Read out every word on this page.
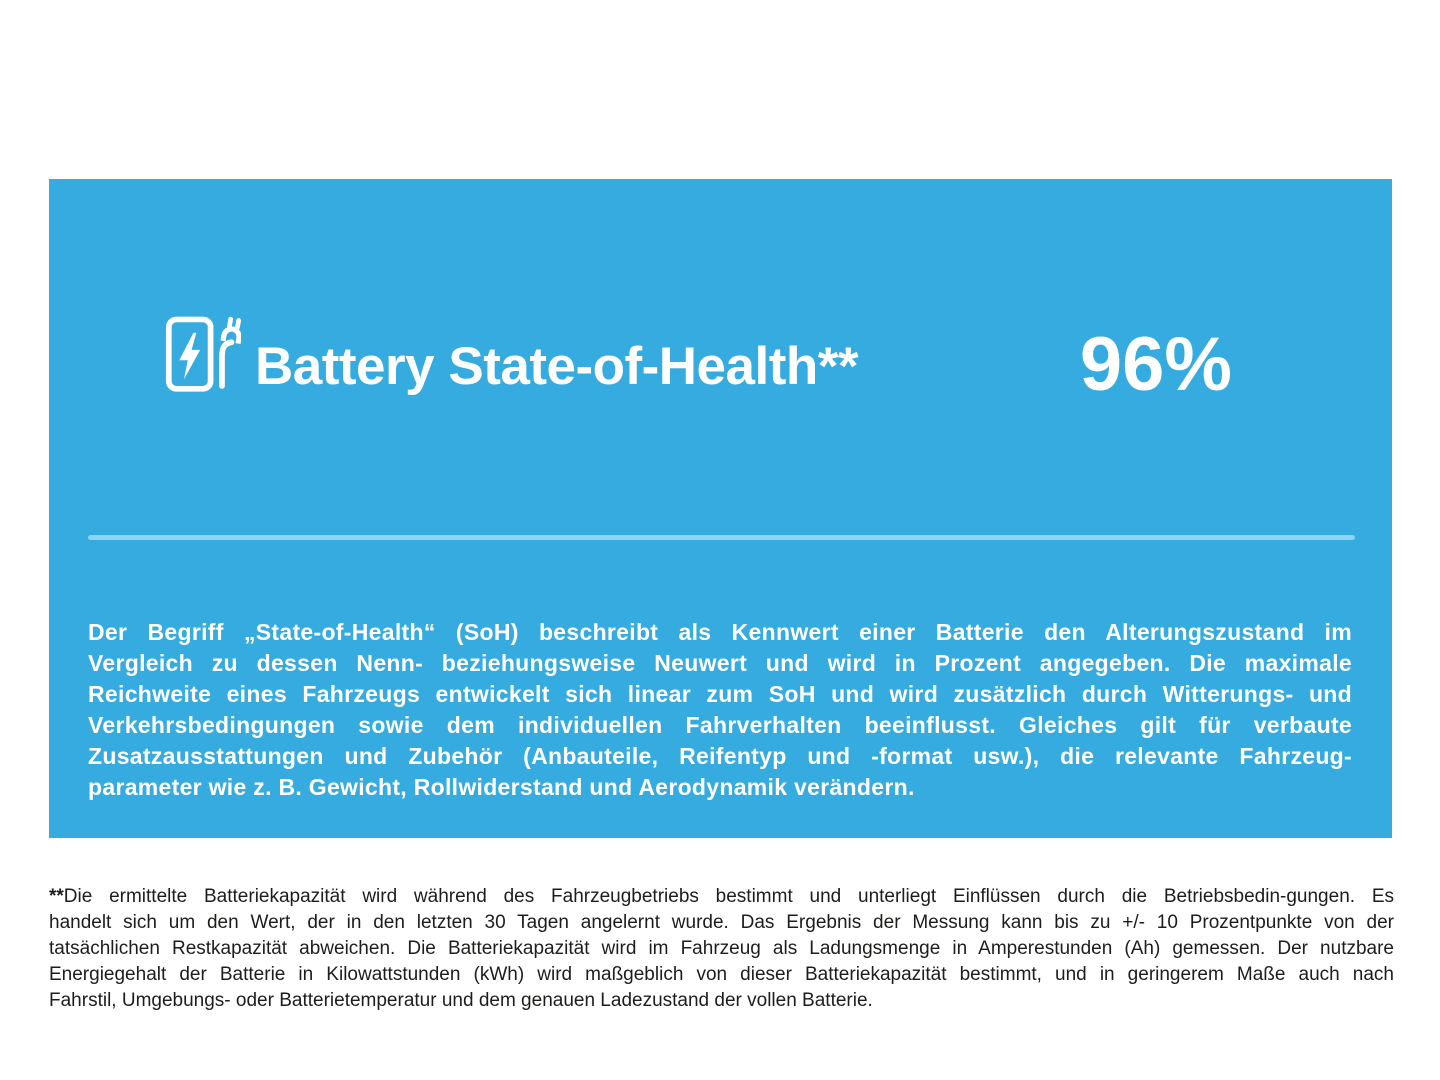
Battery State-of-Health**	96%
Der Begriff „State-of-Health“ (SoH) beschreibt als Kennwert einer Batterie den Alterungszustand im
Vergleich zu dessen Nenn- beziehungsweise Neuwert und wird in Prozent angegeben. Die maximale
Reichweite eines Fahrzeugs entwickelt sich linear zum SoH und wird zusätzlich durch Witterungs- und
Verkehrsbedingungen sowie dem individuellen Fahrverhalten beeinflusst. Gleiches gilt für verbaute
Zusatzausstattungen und Zubehör (Anbauteile, Reifentyp und -format usw.), die relevante Fahrzeug-
parameter wie z. B. Gewicht, Rollwiderstand und Aerodynamik verändern.
**Die ermittelte Batteriekapazität wird während des Fahrzeugbetriebs bestimmt und unterliegt Einflüssen durch die Betriebsbedin-gungen. Es
handelt sich um den Wert, der in den letzten 30 Tagen angelernt wurde. Das Ergebnis der Messung kann bis zu +/- 10 Prozentpunkte von der
tatsächlichen Restkapazität abweichen. Die Batteriekapazität wird im Fahrzeug als Ladungsmenge in Amperestunden (Ah) gemessen. Der nutzbare
Energiegehalt der Batterie in Kilowattstunden (kWh) wird maßgeblich von dieser Batteriekapazität bestimmt, und in geringerem Maße auch nach
Fahrstil, Umgebungs- oder Batterietemperatur und dem genauen Ladezustand der vollen Batterie.
